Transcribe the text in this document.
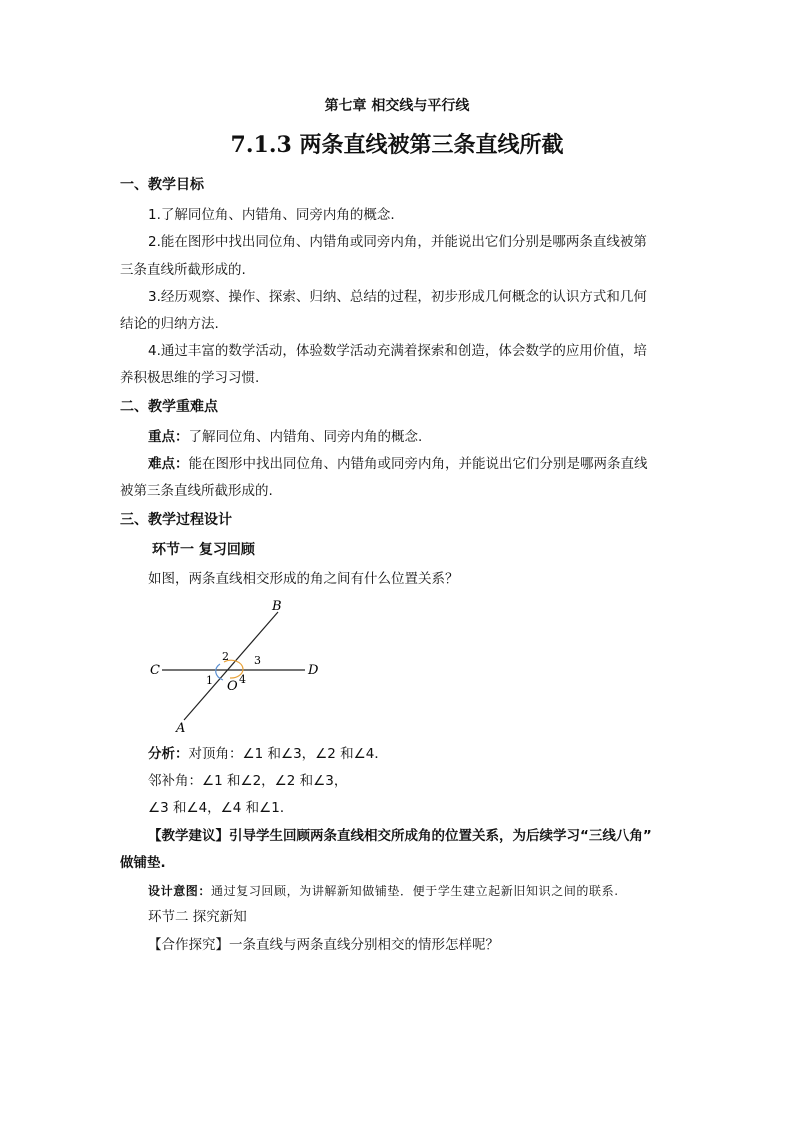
第七章 相交线与平行线
7.1.3 两条直线被第三条直线所截
一、教学目标
1.了解同位角、内错角、同旁内角的概念.
2.能在图形中找出同位角、内错角或同旁内角，并能说出它们分别是哪两条直线被第
三条直线所截形成的.
3.经历观察、操作、探索、归纳、总结的过程，初步形成几何概念的认识方式和几何
结论的归纳方法.
4.通过丰富的数学活动，体验数学活动充满着探索和创造，体会数学的应用价值，培
养积极思维的学习习惯.
二、教学重难点
重点：了解同位角、内错角、同旁内角的概念.
难点：能在图形中找出同位角、内错角或同旁内角，并能说出它们分别是哪两条直线
被第三条直线所截形成的.
三、教学过程设计
环节一 复习回顾
如图，两条直线相交形成的角之间有什么位置关系？
B
C	D
A
O
1
2 3
4
分析：对顶角：∠1 和∠3，∠2 和∠4．
邻补角：∠1 和∠2，∠2 和∠3，
∠3 和∠4，∠4 和∠1．
【教学建议】引导学生回顾两条直线相交所成角的位置关系，为后续学习“三线八角”
做铺垫.
设计意图：通过复习回顾，为讲解新知做铺垫．便于学生建立起新旧知识之间的联系.
环节二 探究新知
【合作探究】一条直线与两条直线分别相交的情形怎样呢？
